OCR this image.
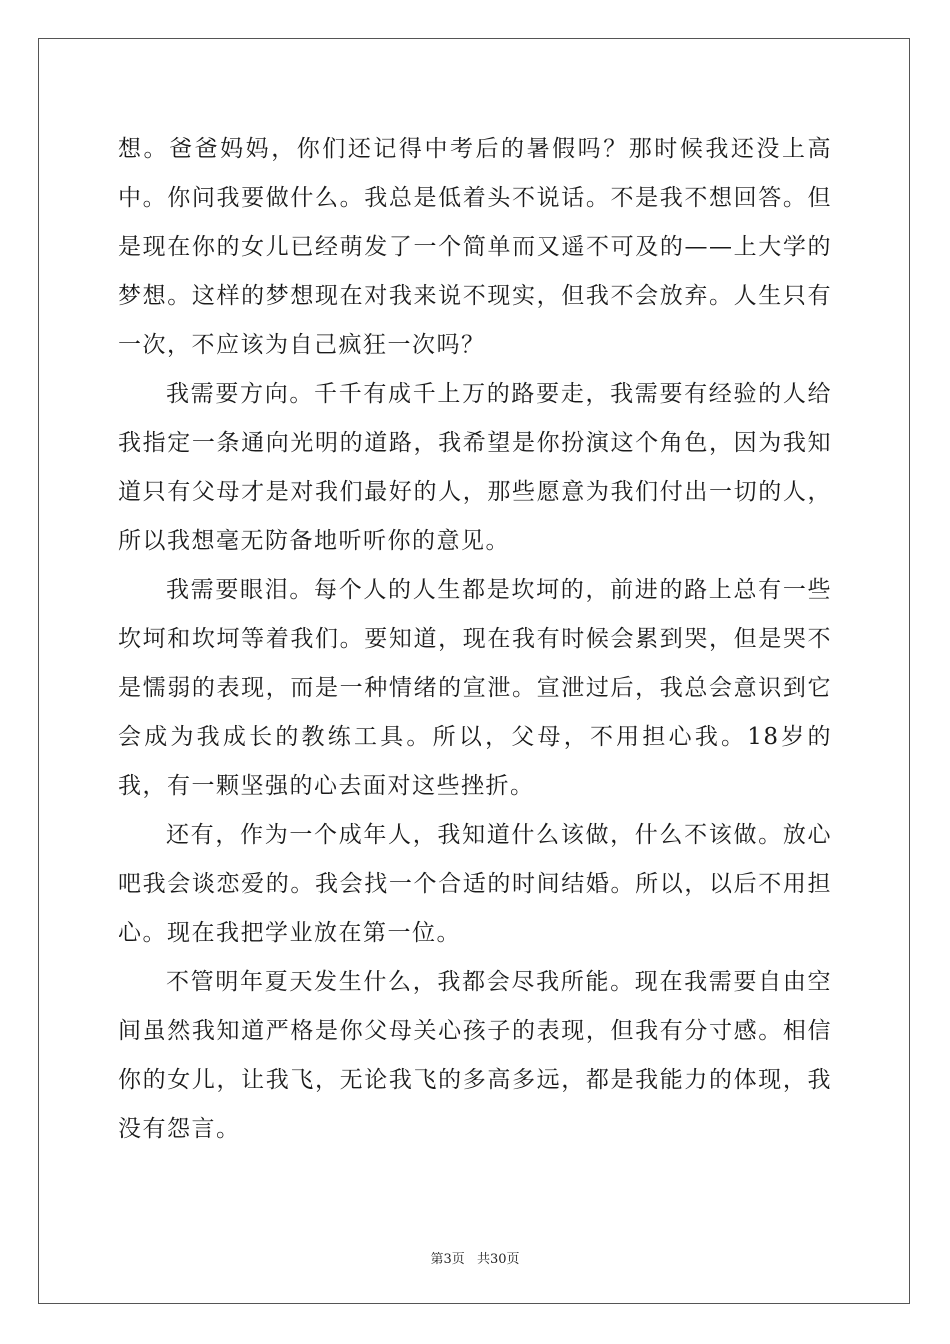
想。爸爸妈妈，你们还记得中考后的暑假吗？那时候我还没上高中。你问我要做什么。我总是低着头不说话。不是我不想回答。但是现在你的女儿已经萌发了一个简单而又遥不可及的——上大学的梦想。这样的梦想现在对我来说不现实，但我不会放弃。人生只有一次，不应该为自己疯狂一次吗？

我需要方向。千千有成千上万的路要走，我需要有经验的人给我指定一条通向光明的道路，我希望是你扮演这个角色，因为我知道只有父母才是对我们最好的人，那些愿意为我们付出一切的人，所以我想毫无防备地听听你的意见。

我需要眼泪。每个人的人生都是坎坷的，前进的路上总有一些坎坷和坎坷等着我们。要知道，现在我有时候会累到哭，但是哭不是懦弱的表现，而是一种情绪的宣泄。宣泄过后，我总会意识到它会成为我成长的教练工具。所以，父母，不用担心我。18岁的我，有一颗坚强的心去面对这些挫折。

还有，作为一个成年人，我知道什么该做，什么不该做。放心吧我会谈恋爱的。我会找一个合适的时间结婚。所以，以后不用担心。现在我把学业放在第一位。

不管明年夏天发生什么，我都会尽我所能。现在我需要自由空间虽然我知道严格是你父母关心孩子的表现，但我有分寸感。相信你的女儿，让我飞，无论我飞的多高多远，都是我能力的体现，我没有怨言。

第3页 共30页
